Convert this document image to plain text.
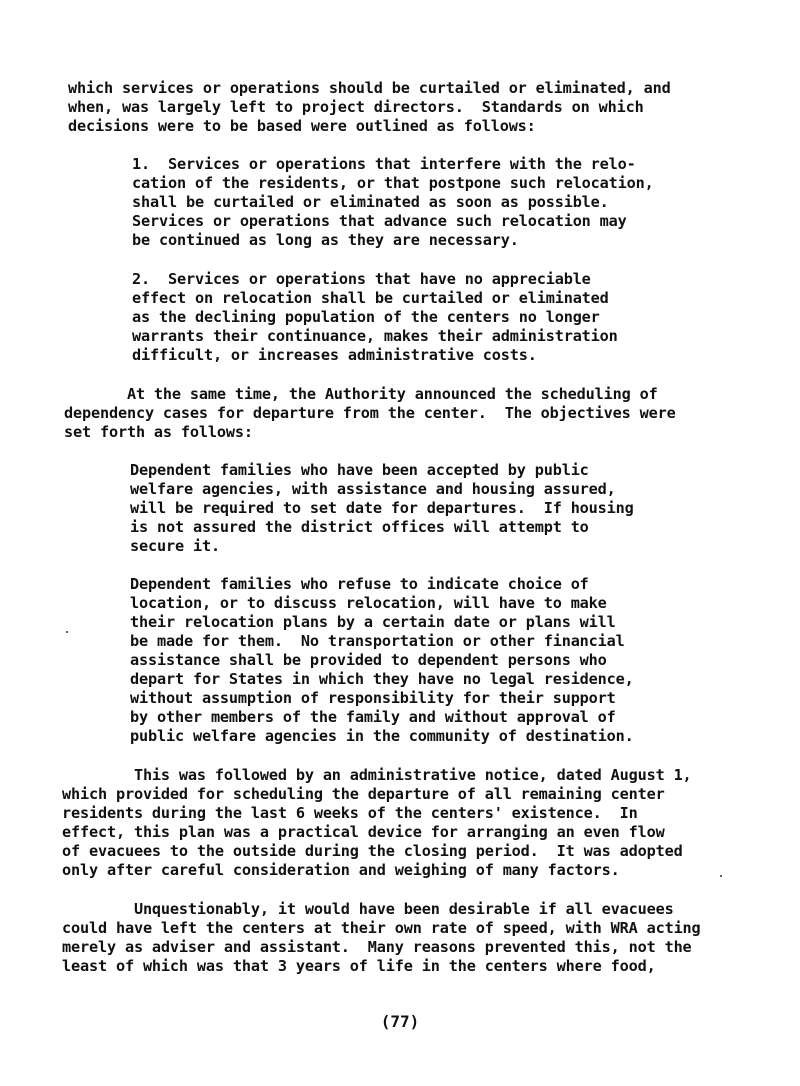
which services or operations should be curtailed or eliminated, and
when, was largely left to project directors.  Standards on which
decisions were to be based were outlined as follows:
1.  Services or operations that interfere with the relo-
cation of the residents, or that postpone such relocation,
shall be curtailed or eliminated as soon as possible.
Services or operations that advance such relocation may
be continued as long as they are necessary.
2.  Services or operations that have no appreciable
effect on relocation shall be curtailed or eliminated
as the declining population of the centers no longer
warrants their continuance, makes their administration
difficult, or increases administrative costs.
At the same time, the Authority announced the scheduling of
dependency cases for departure from the center.  The objectives were
set forth as follows:
Dependent families who have been accepted by public
welfare agencies, with assistance and housing assured,
will be required to set date for departures.  If housing
is not assured the district offices will attempt to
secure it.
Dependent families who refuse to indicate choice of
location, or to discuss relocation, will have to make
their relocation plans by a certain date or plans will
be made for them.  No transportation or other financial
assistance shall be provided to dependent persons who
depart for States in which they have no legal residence,
without assumption of responsibility for their support
by other members of the family and without approval of
public welfare agencies in the community of destination.
This was followed by an administrative notice, dated August 1,
which provided for scheduling the departure of all remaining center
residents during the last 6 weeks of the centers' existence.  In
effect, this plan was a practical device for arranging an even flow
of evacuees to the outside during the closing period.  It was adopted
only after careful consideration and weighing of many factors.
Unquestionably, it would have been desirable if all evacuees
could have left the centers at their own rate of speed, with WRA acting
merely as adviser and assistant.  Many reasons prevented this, not the
least of which was that 3 years of life in the centers where food,
(77)
